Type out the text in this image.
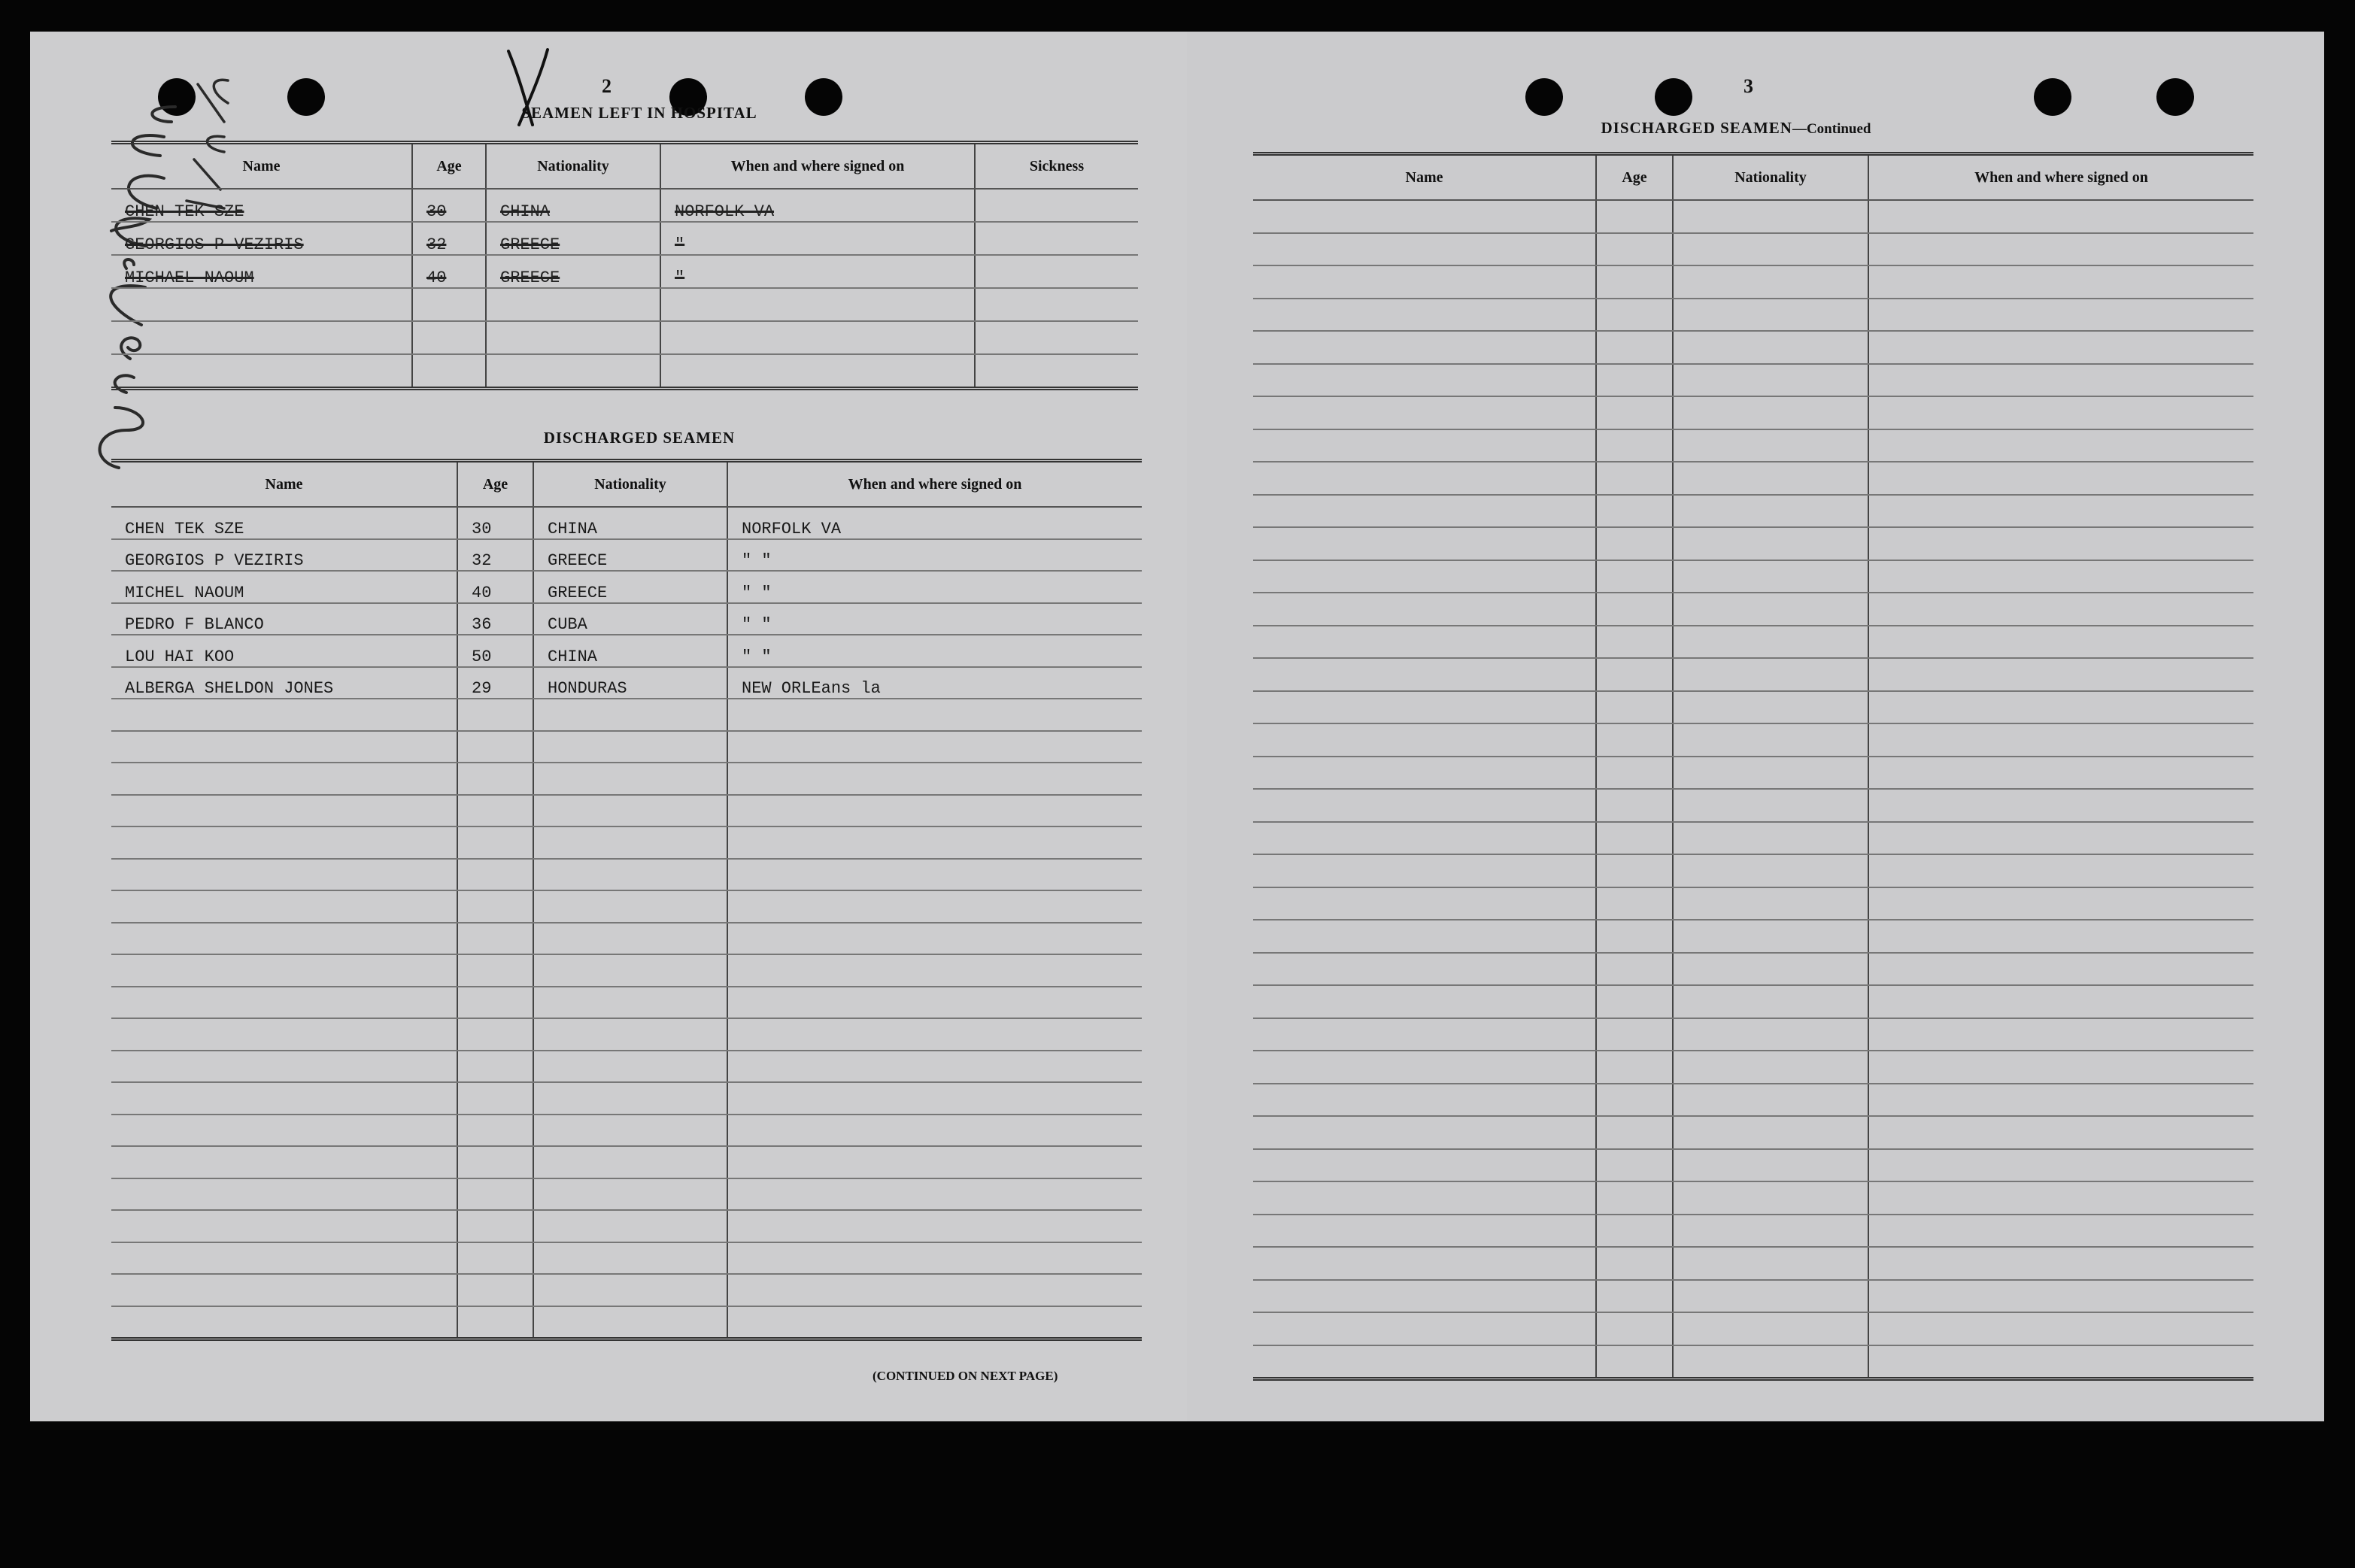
2
SEAMEN LEFT IN HOSPITAL
Name	Age	Nationality	When and where signed on	Sickness
CHEN TEK SZE	30	CHINA	NORFOLK VA	
GEORGIOS P VEZIRIS	32	GREECE	"	
MICHAEL NAOUM	40	GREECE	"	

DISCHARGED SEAMEN
Name	Age	Nationality	When and where signed on
CHEN TEK SZE	30	CHINA	NORFOLK VA
GEORGIOS P VEZIRIS	32	GREECE	" "
MICHEL NAOUM	40	GREECE	" "
PEDRO F BLANCO	36	CUBA	" "
LOU HAI KOO	50	CHINA	" "
ALBERGA SHELDON JONES	29	HONDURAS	NEW ORLEans la

(CONTINUED ON NEXT PAGE)
3
DISCHARGED SEAMEN—Continued
Name	Age	Nationality	When and where signed on
